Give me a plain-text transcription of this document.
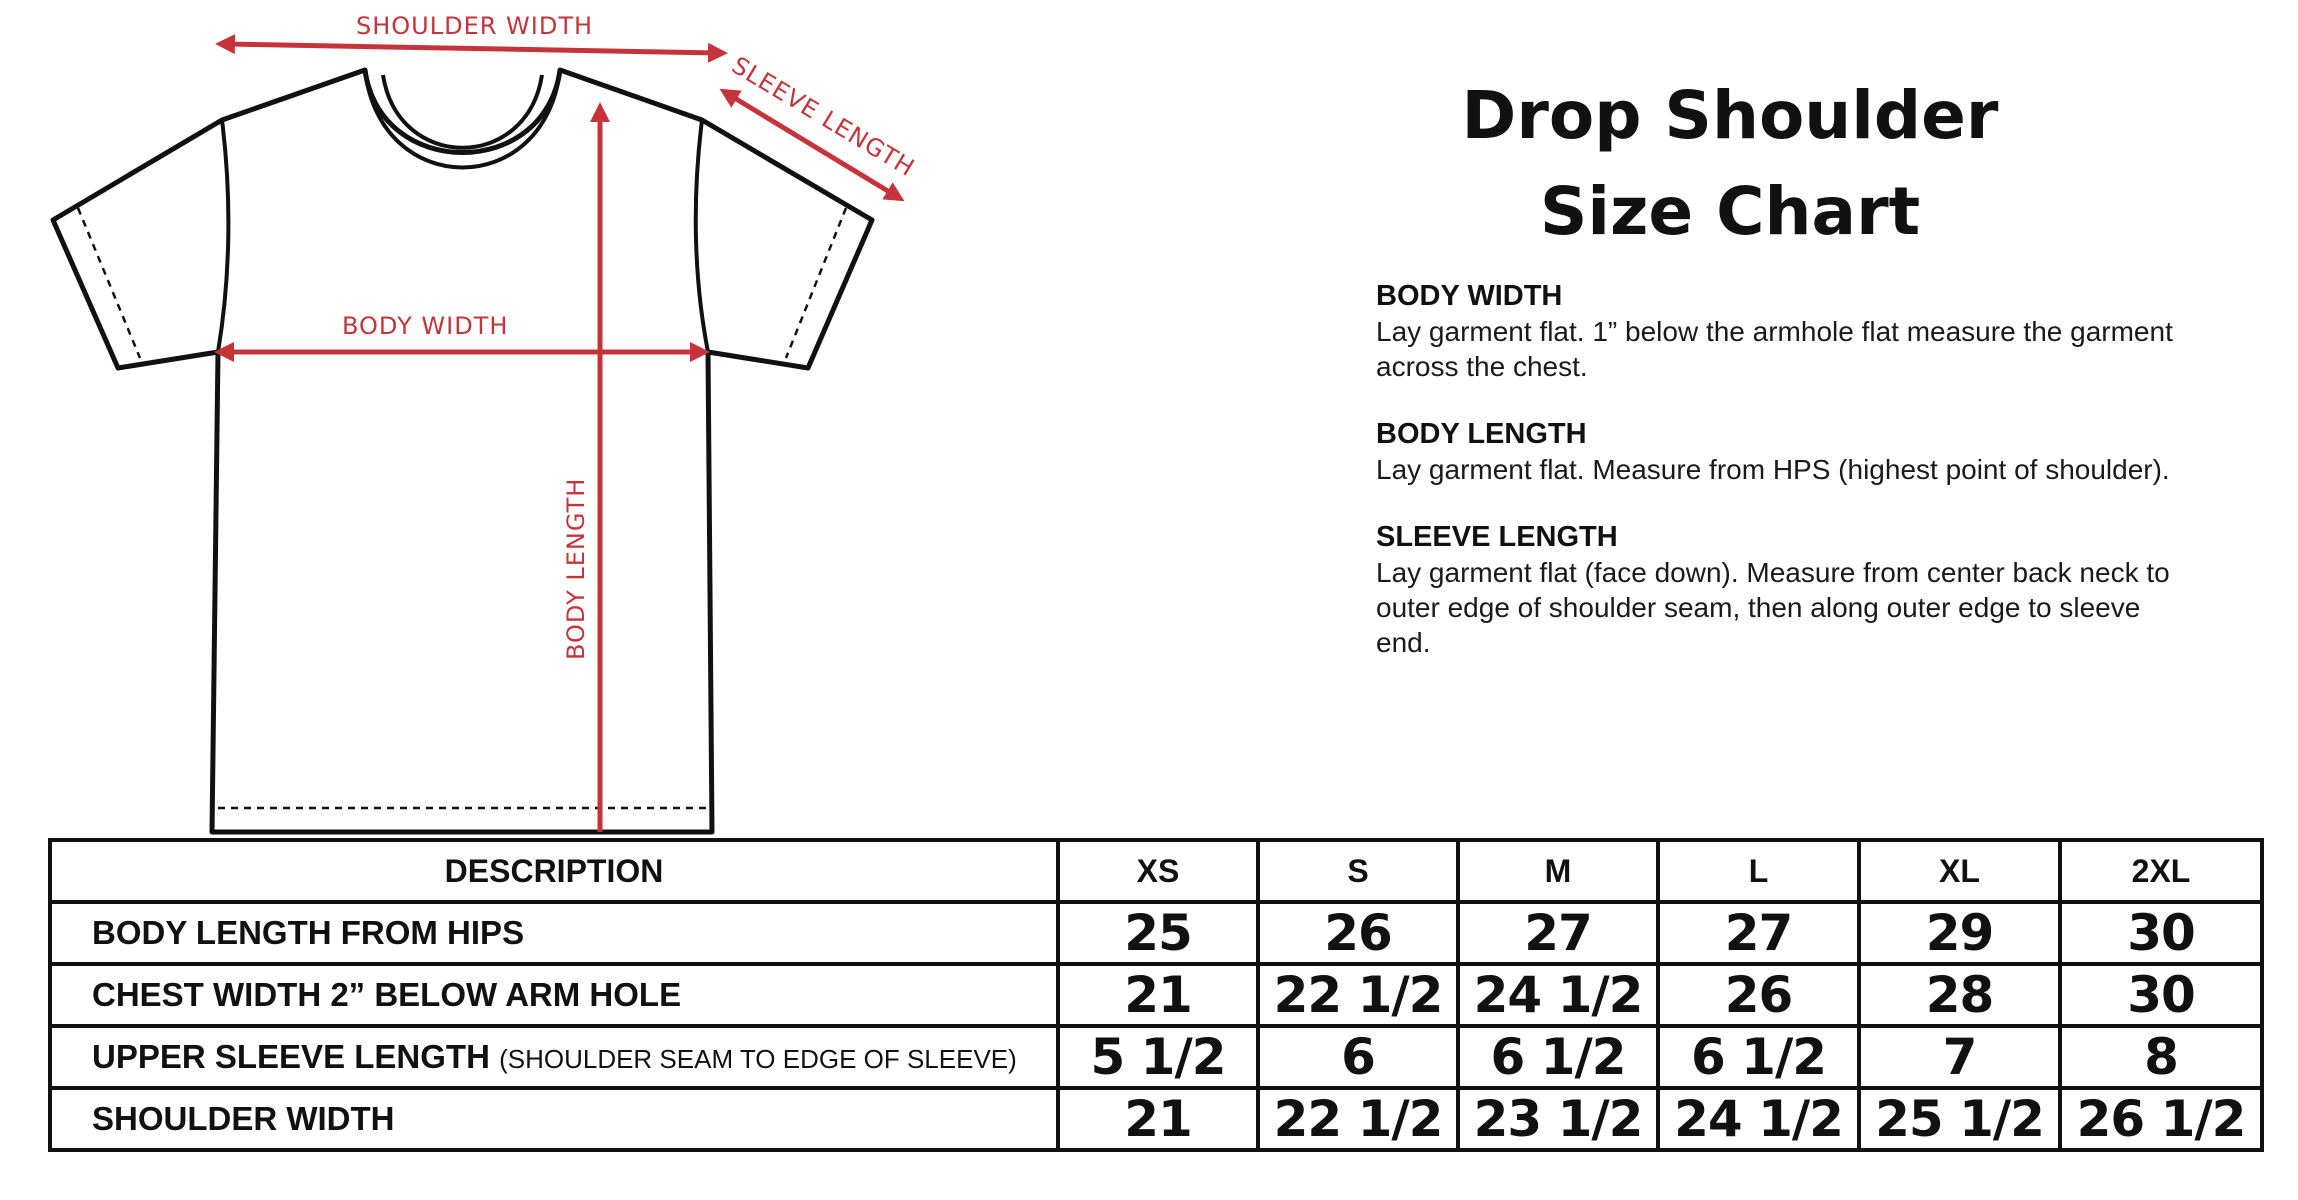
SHOULDER WIDTH
SLEEVE LENGTH
BODY WIDTH
BODY LENGTH
Drop Shoulder
Size Chart
BODY WIDTH
Lay garment flat. 1” below the armhole flat measure the garment across the chest.
BODY LENGTH
Lay garment flat. Measure from HPS (highest point of shoulder).
SLEEVE LENGTH
Lay garment flat (face down). Measure from center back neck to outer edge of shoulder seam, then along outer edge to sleeve end.
DESCRIPTION	XS	S	M	L	XL	2XL
BODY LENGTH FROM HIPS	25	26	27	27	29	30
CHEST WIDTH 2” BELOW ARM HOLE	21	22 1/2	24 1/2	26	28	30
UPPER SLEEVE LENGTH (SHOULDER SEAM TO EDGE OF SLEEVE)	5 1/2	6	6 1/2	6 1/2	7	8
SHOULDER WIDTH	21	22 1/2	23 1/2	24 1/2	25 1/2	26 1/2
